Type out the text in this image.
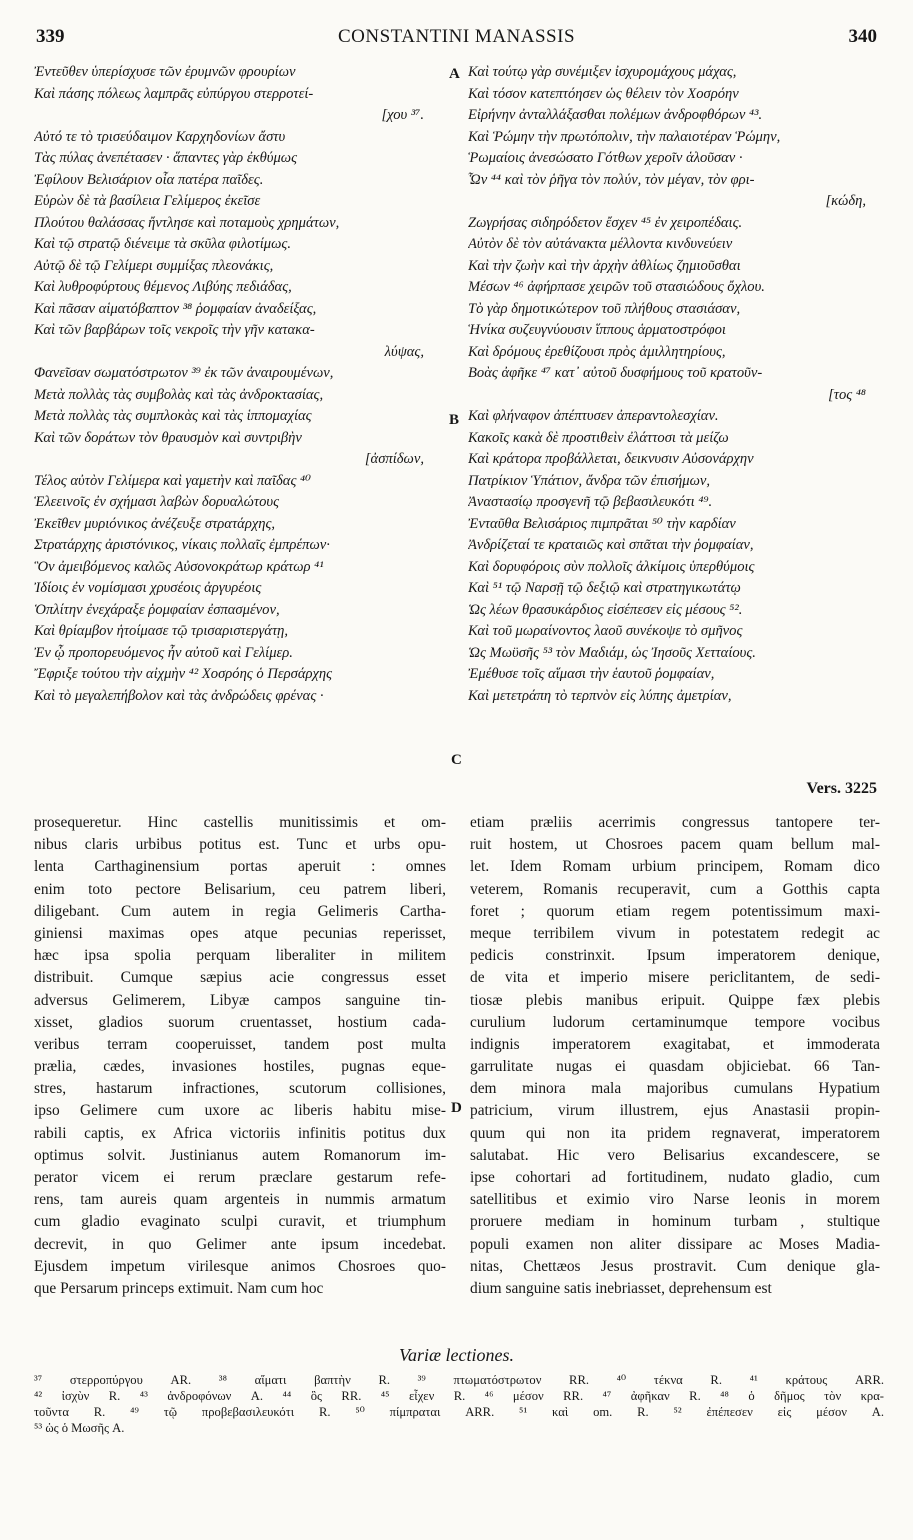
339	CONSTANTINI MANASSIS	340
Ἐντεῦθεν ὑπερίσχυσε τῶν ἐρυμνῶν φρουρίων
Καὶ πάσης πόλεως λαμπρᾶς εὐπύργου στερροτεί-
[χου ³⁷.
Αὐτό τε τὸ τρισεύδαιμον Καρχηδονίων ἄστυ
Τὰς πύλας ἀνεπέτασεν · ἅπαντες γὰρ ἐκθύμως
Ἐφίλουν Βελισάριον οἷα πατέρα παῖδες.
Εὑρὼν δὲ τὰ βασίλεια Γελίμερος ἐκεῖσε
Πλούτου θαλάσσας ἤντλησε καὶ ποταμοὺς χρημάτων,
Καὶ τῷ στρατῷ διένειμε τὰ σκῦλα φιλοτίμως.
Αὐτῷ δὲ τῷ Γελίμερι συμμίξας πλεονάκις,
Καὶ λυθροφύρτους θέμενος Λιβύης πεδιάδας,
Καὶ πᾶσαν αἱματόβαπτον ³⁸ ῥομφαίαν ἀναδείξας,
Καὶ τῶν βαρβάρων τοῖς νεκροῖς τὴν γῆν κατακα-
λύψας,
Φανεῖσαν σωματόστρωτον ³⁹ ἐκ τῶν ἀναιρουμένων,
Μετὰ πολλὰς τὰς συμβολὰς καὶ τὰς ἀνδροκτασίας,
Μετὰ πολλὰς τὰς συμπλοκὰς καὶ τὰς ἱππομαχίας
Καὶ τῶν δοράτων τὸν θραυσμὸν καὶ συντριβὴν
[ἀσπίδων,
Τέλος αὐτὸν Γελίμερα καὶ γαμετὴν καὶ παῖδας ⁴⁰
Ἑλεεινοῖς ἐν σχήμασι λαβὼν δορυαλώτους
Ἐκεῖθεν μυριόνικος ἀνέζευξε στρατάρχης,
Στρατάρχης ἀριστόνικος, νίκαις πολλαῖς ἐμπρέπων·
Ὃν ἀμειβόμενος καλῶς Αὐσονοκράτωρ κράτωρ ⁴¹
Ἰδίοις ἐν νομίσμασι χρυσέοις ἀργυρέοις
Ὁπλίτην ἐνεχάραξε ῥομφαίαν ἐσπασμένον,
Καὶ θρίαμβον ἡτοίμασε τῷ τρισαριστεργάτῃ,
Ἐν ᾧ προπορευόμενος ἦν αὐτοῦ καὶ Γελίμερ.
Ἔφριξε τούτου τὴν αἰχμὴν ⁴² Χοσρόης ὁ Περσάρχης
Καὶ τὸ μεγαλεπήβολον καὶ τὰς ἀνδρώδεις φρένας ·
Καὶ τούτῳ γὰρ συνέμιξεν ἰσχυρομάχους μάχας,
Καὶ τόσον κατεπτόησεν ὡς θέλειν τὸν Χοσρόην
Εἰρήνην ἀνταλλάξασθαι πολέμων ἀνδροφθόρων ⁴³.
Καὶ Ῥώμην τὴν πρωτόπολιν, τὴν παλαιοτέραν Ῥώμην,
Ῥωμαίοις ἀνεσώσατο Γότθων χεροῖν ἁλοῦσαν ·
Ὧν ⁴⁴ καὶ τὸν ῥῆγα τὸν πολύν, τὸν μέγαν, τὸν φρι-
[κώδη,
Ζωγρήσας σιδηρόδετον ἔσχεν ⁴⁵ ἐν χειροπέδαις.
Αὐτὸν δὲ τὸν αὐτάνακτα μέλλοντα κινδυνεύειν
Καὶ τὴν ζωὴν καὶ τὴν ἀρχὴν ἀθλίως ζημιοῦσθαι
Μέσων ⁴⁶ ἀφήρπασε χειρῶν τοῦ στασιώδους ὄχλου.
Τὸ γὰρ δημοτικώτερον τοῦ πλήθους στασιάσαν,
Ἡνίκα συζευγνύουσιν ἵππους ἁρματοστρόφοι
Καὶ δρόμους ἐρεθίζουσι πρὸς ἁμιλλητηρίους,
Βοὰς ἀφῆκε ⁴⁷ κατ᾽ αὐτοῦ δυσφήμους τοῦ κρατοῦν-
[τος ⁴⁸
Καὶ φλήναφον ἀπέπτυσεν ἀπεραντολεσχίαν.
Κακοῖς κακὰ δὲ προστιθεὶν ἐλάττοσι τὰ μείζω
Καὶ κράτορα προβάλλεται, δεικνυσιν Αὐσονάρχην
Πατρίκιον Ὑπάτιον, ἄνδρα τῶν ἐπισήμων,
Ἀναστασίῳ προσγενῆ τῷ βεβασιλευκότι ⁴⁹.
Ἐνταῦθα Βελισάριος πιμπρᾶται ⁵⁰ τὴν καρδίαν
Ἀνδρίζεταί τε κραταιῶς καὶ σπᾶται τὴν ῥομφαίαν,
Καὶ δορυφόροις σὺν πολλοῖς ἀλκίμοις ὑπερθύμοις
Καὶ ⁵¹ τῷ Ναρσῇ τῷ δεξιῷ καὶ στρατηγικωτάτῳ
Ὡς λέων θρασυκάρδιος εἰσέπεσεν εἰς μέσους ⁵².
Καὶ τοῦ μωραίνοντος λαοῦ συνέκοψε τὸ σμῆνος
Ὡς Μωϋσῆς ⁵³ τὸν Μαδιάμ, ὡς Ἰησοῦς Χετταίους.
Ἐμέθυσε τοῖς αἵμασι τὴν ἑαυτοῦ ῥομφαίαν,
Καὶ μετετράπη τὸ τερπνὸν εἰς λύπης ἀμετρίαν,
A
B
C
D
Vers. 3225
prosequeretur. Hinc castellis munitissimis et om-
nibus claris urbibus potitus est. Tunc et urbs opu-
lenta Carthaginensium portas aperuit : omnes
enim toto pectore Belisarium, ceu patrem liberi,
diligebant. Cum autem in regia Gelimeris Cartha-
giniensi maximas opes atque pecunias reperisset,
hæc ipsa spolia perquam liberaliter in militem
distribuit. Cumque sæpius acie congressus esset
adversus Gelimerem, Libyæ campos sanguine tin-
xisset, gladios suorum cruentasset, hostium cada-
veribus terram cooperuisset, tandem post multa
prælia, cædes, invasiones hostiles, pugnas eque-
stres, hastarum infractiones, scutorum collisiones,
ipso Gelimere cum uxore ac liberis habitu mise-
rabili captis, ex Africa victoriis infinitis potitus dux
optimus solvit. Justinianus autem Romanorum im-
perator vicem ei rerum præclare gestarum refe-
rens, tam aureis quam argenteis in nummis armatum
cum gladio evaginato sculpi curavit, et triumphum
decrevit, in quo Gelimer ante ipsum incedebat.
Ejusdem impetum virilesque animos Chosroes quo-
que Persarum princeps extimuit. Nam cum hoc
etiam præliis acerrimis congressus tantopere ter-
ruit hostem, ut Chosroes pacem quam bellum mal-
let. Idem Romam urbium principem, Romam dico
veterem, Romanis recuperavit, cum a Gotthis capta
foret ; quorum etiam regem potentissimum maxi-
meque terribilem vivum in potestatem redegit ac
pedicis constrinxit. Ipsum imperatorem denique,
de vita et imperio misere periclitantem, de sedi-
tiosæ plebis manibus eripuit. Quippe fæx plebis
curulium ludorum certaminumque tempore vocibus
indignis imperatorem exagitabat, et immoderata
garrulitate nugas ei quasdam objiciebat. 66 Tan-
dem minora mala majoribus cumulans Hypatium
patricium, virum illustrem, ejus Anastasii propin-
quum qui non ita pridem regnaverat, imperatorem
salutabat. Hic vero Belisarius excandescere, se
ipse cohortari ad fortitudinem, nudato gladio, cum
satellitibus et eximio viro Narse leonis in morem
proruere mediam in hominum turbam , stultique
populi examen non aliter dissipare ac Moses Madia-
nitas, Chettæos Jesus prostravit. Cum denique gla-
dium sanguine satis inebriasset, deprehensum est
Variæ lectiones.
³⁷ στερροπύργου AR. ³⁸ αἵματι βαπτὴν R. ³⁹ πτωματόστρωτον RR. ⁴⁰ τέκνα R. ⁴¹ κράτους ARR.
⁴² ἰσχὺν R. ⁴³ ἀνδροφόνων A. ⁴⁴ ὃς RR. ⁴⁵ εἶχεν R. ⁴⁶ μέσον RR. ⁴⁷ ἀφῆκαν R. ⁴⁸ ὁ δῆμος τὸν κρα-
τοῦντα R. ⁴⁹ τῷ προβεβασιλευκότι R. ⁵⁰ πίμπραται ARR. ⁵¹ καὶ om. R. ⁵² ἐπέπεσεν εἰς μέσον A.
⁵³ ὡς ὁ Μωσῆς A.
